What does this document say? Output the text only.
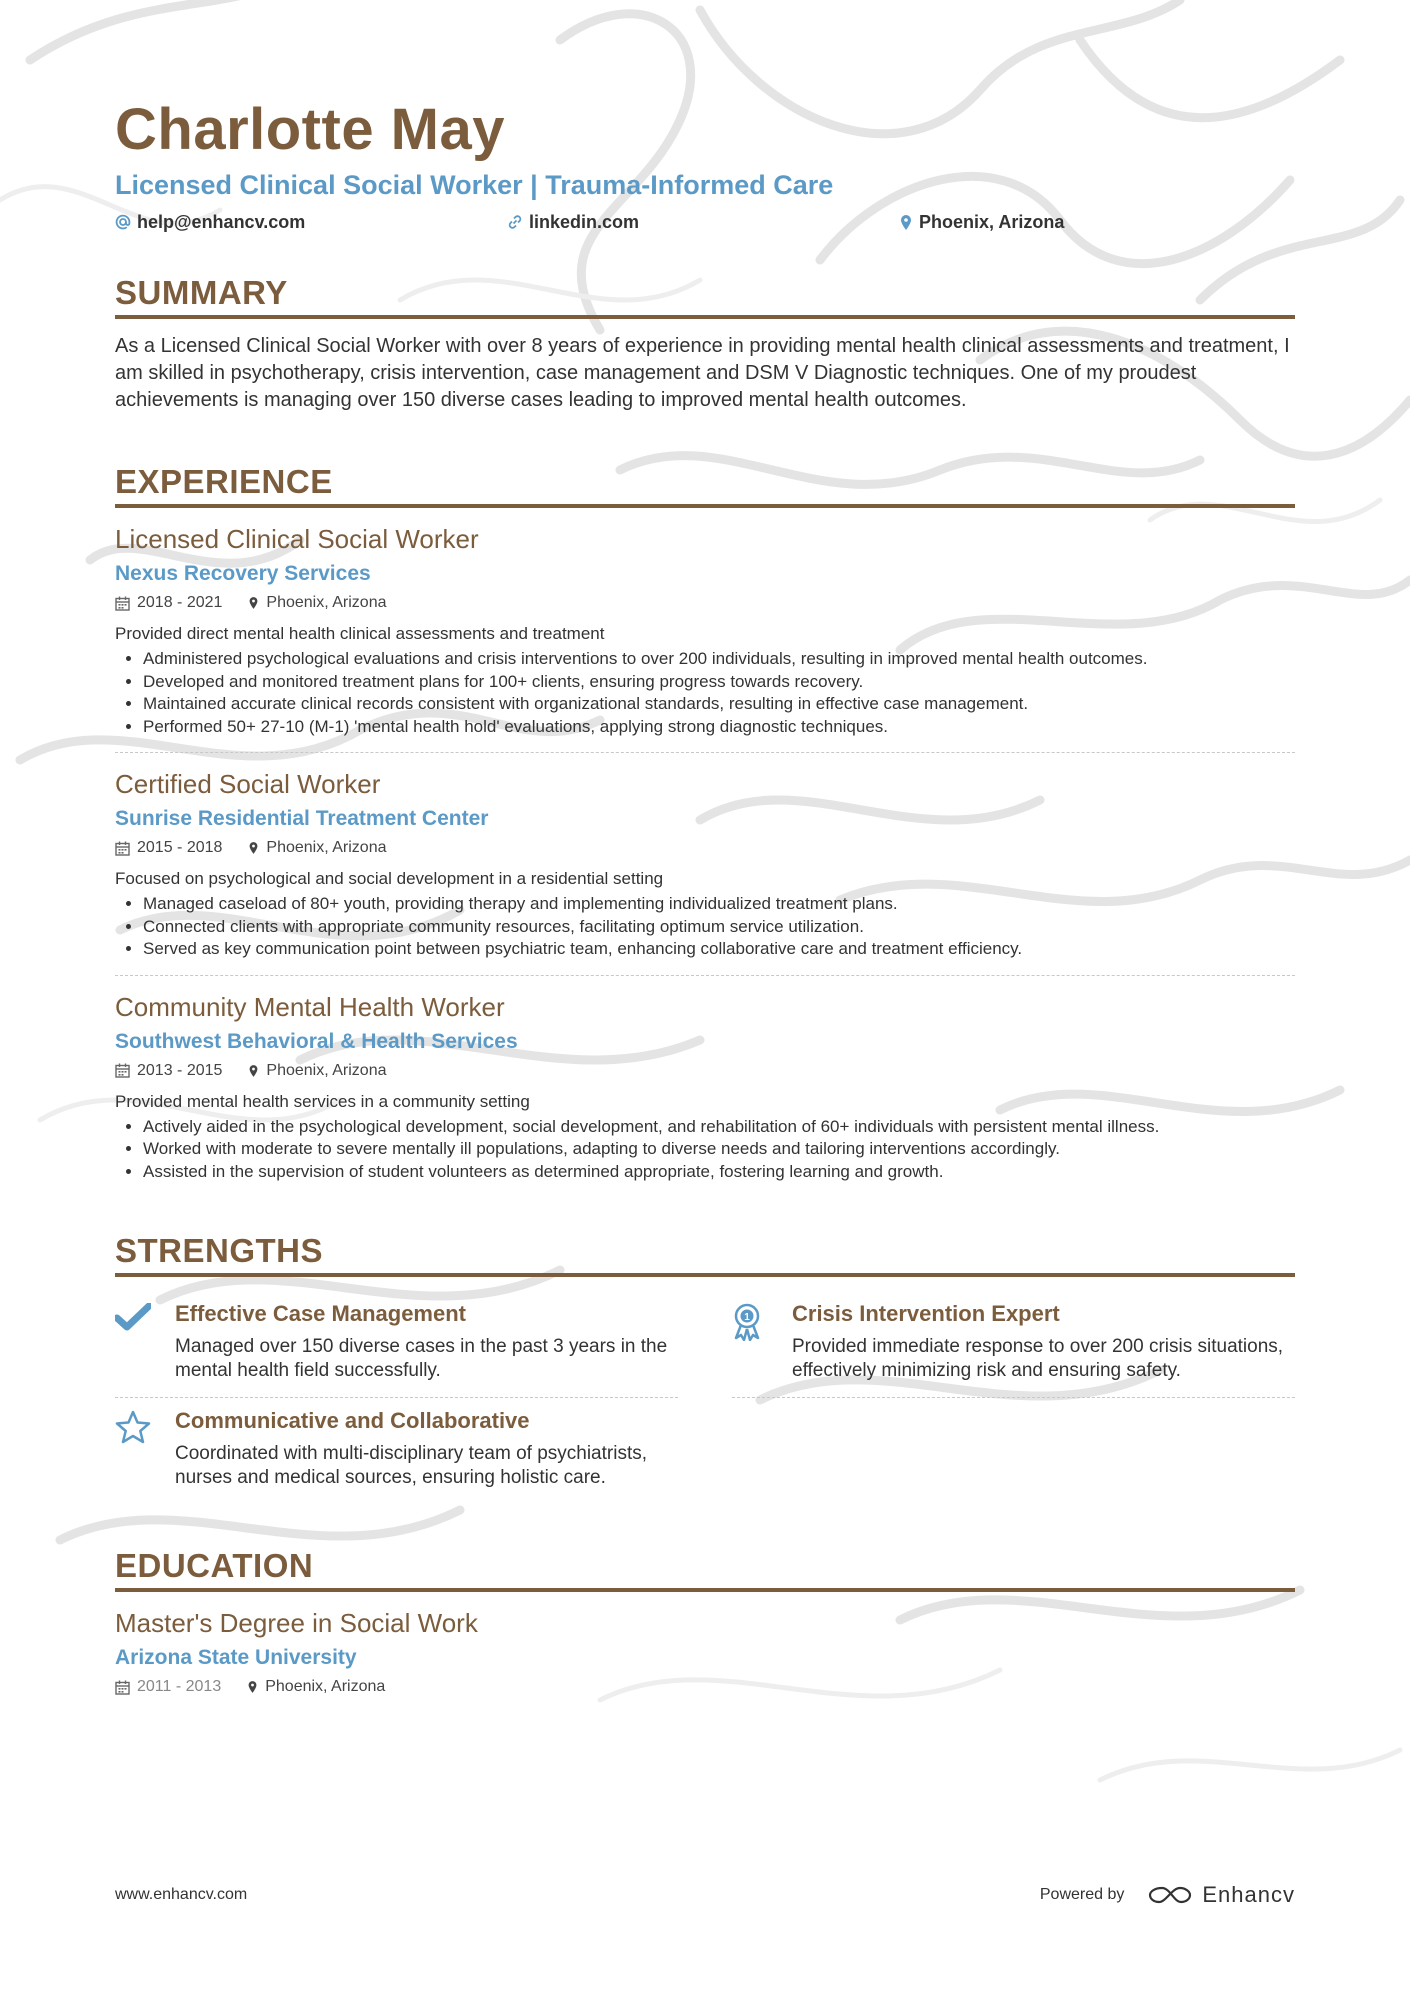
Charlotte May
Licensed Clinical Social Worker | Trauma-Informed Care
help@enhancv.com	linkedin.com	Phoenix, Arizona
SUMMARY
As a Licensed Clinical Social Worker with over 8 years of experience in providing mental health clinical assessments and treatment, I am skilled in psychotherapy, crisis intervention, case management and DSM V Diagnostic techniques. One of my proudest achievements is managing over 150 diverse cases leading to improved mental health outcomes.
EXPERIENCE
Licensed Clinical Social Worker
Nexus Recovery Services
2018 - 2021	Phoenix, Arizona
Provided direct mental health clinical assessments and treatment
• Administered psychological evaluations and crisis interventions to over 200 individuals, resulting in improved mental health outcomes.
• Developed and monitored treatment plans for 100+ clients, ensuring progress towards recovery.
• Maintained accurate clinical records consistent with organizational standards, resulting in effective case management.
• Performed 50+ 27-10 (M-1) 'mental health hold' evaluations, applying strong diagnostic techniques.
Certified Social Worker
Sunrise Residential Treatment Center
2015 - 2018	Phoenix, Arizona
Focused on psychological and social development in a residential setting
• Managed caseload of 80+ youth, providing therapy and implementing individualized treatment plans.
• Connected clients with appropriate community resources, facilitating optimum service utilization.
• Served as key communication point between psychiatric team, enhancing collaborative care and treatment efficiency.
Community Mental Health Worker
Southwest Behavioral & Health Services
2013 - 2015	Phoenix, Arizona
Provided mental health services in a community setting
• Actively aided in the psychological development, social development, and rehabilitation of 60+ individuals with persistent mental illness.
• Worked with moderate to severe mentally ill populations, adapting to diverse needs and tailoring interventions accordingly.
• Assisted in the supervision of student volunteers as determined appropriate, fostering learning and growth.
STRENGTHS
Effective Case Management
Managed over 150 diverse cases in the past 3 years in the mental health field successfully.
1 Crisis Intervention Expert
Provided immediate response to over 200 crisis situations, effectively minimizing risk and ensuring safety.
Communicative and Collaborative
Coordinated with multi-disciplinary team of psychiatrists, nurses and medical sources, ensuring holistic care.
EDUCATION
Master's Degree in Social Work
Arizona State University
2011 - 2013	Phoenix, Arizona
www.enhancv.com	Powered by	Enhancv
